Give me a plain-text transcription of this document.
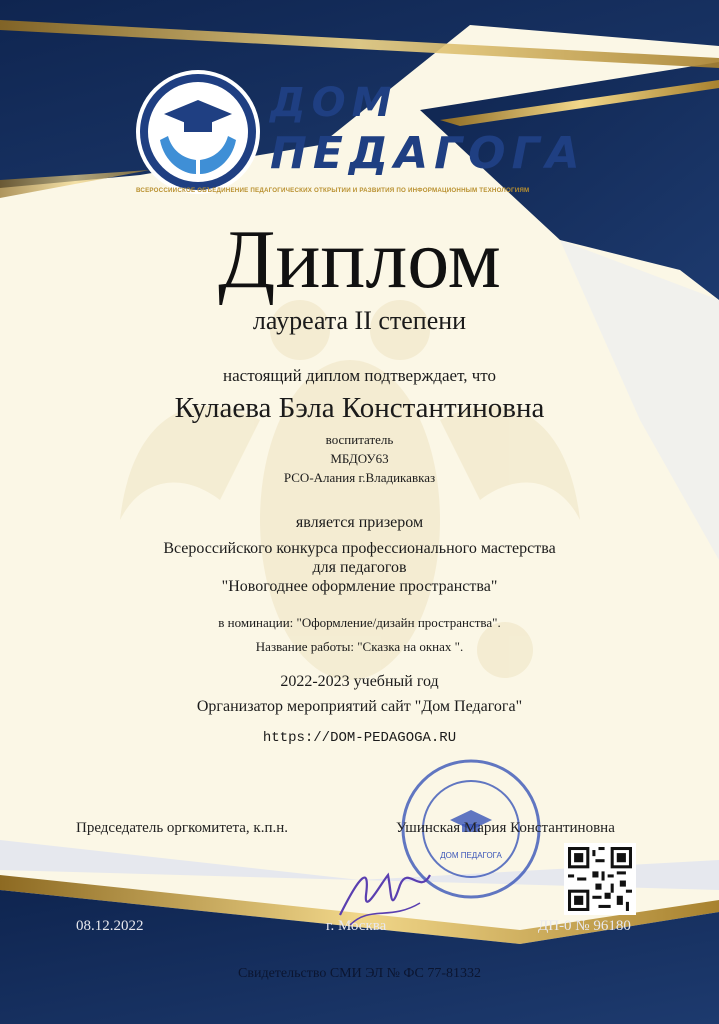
ДОМ
ПЕДАГОГА
ВСЕРОССИЙСКОЕ ОБЪЕДИНЕНИЕ ПЕДАГОГИЧЕСКИХ ОТКРЫТИЙ И РАЗВИТИЯ ПО ИНФОРМАЦИОННЫМ ТЕХНОЛОГИЯМ
Диплом
лауреата II степени
настоящий диплом подтверждает, что
Кулаева Бэла Константиновна
воспитатель
МБДОУ63
РСО-Алания г.Владикавказ
является призером
Всероссийского конкурса профессионального мастерства
для педагогов
"Новогоднее оформление пространства"
в номинации: "Оформление/дизайн пространства".
Название работы: "Сказка на окнах ".
2022-2023 учебный год
Организатор мероприятий сайт "Дом Педагога"
https://DOM-PEDAGOGA.RU
ДОМ ПЕДАГОГА
Председатель оргкомитета, к.п.н.	Ушинская Мария Константиновна
08.12.2022	г. Москва	ДП-0 № 96180
Свидетельство СМИ ЭЛ № ФС 77-81332
